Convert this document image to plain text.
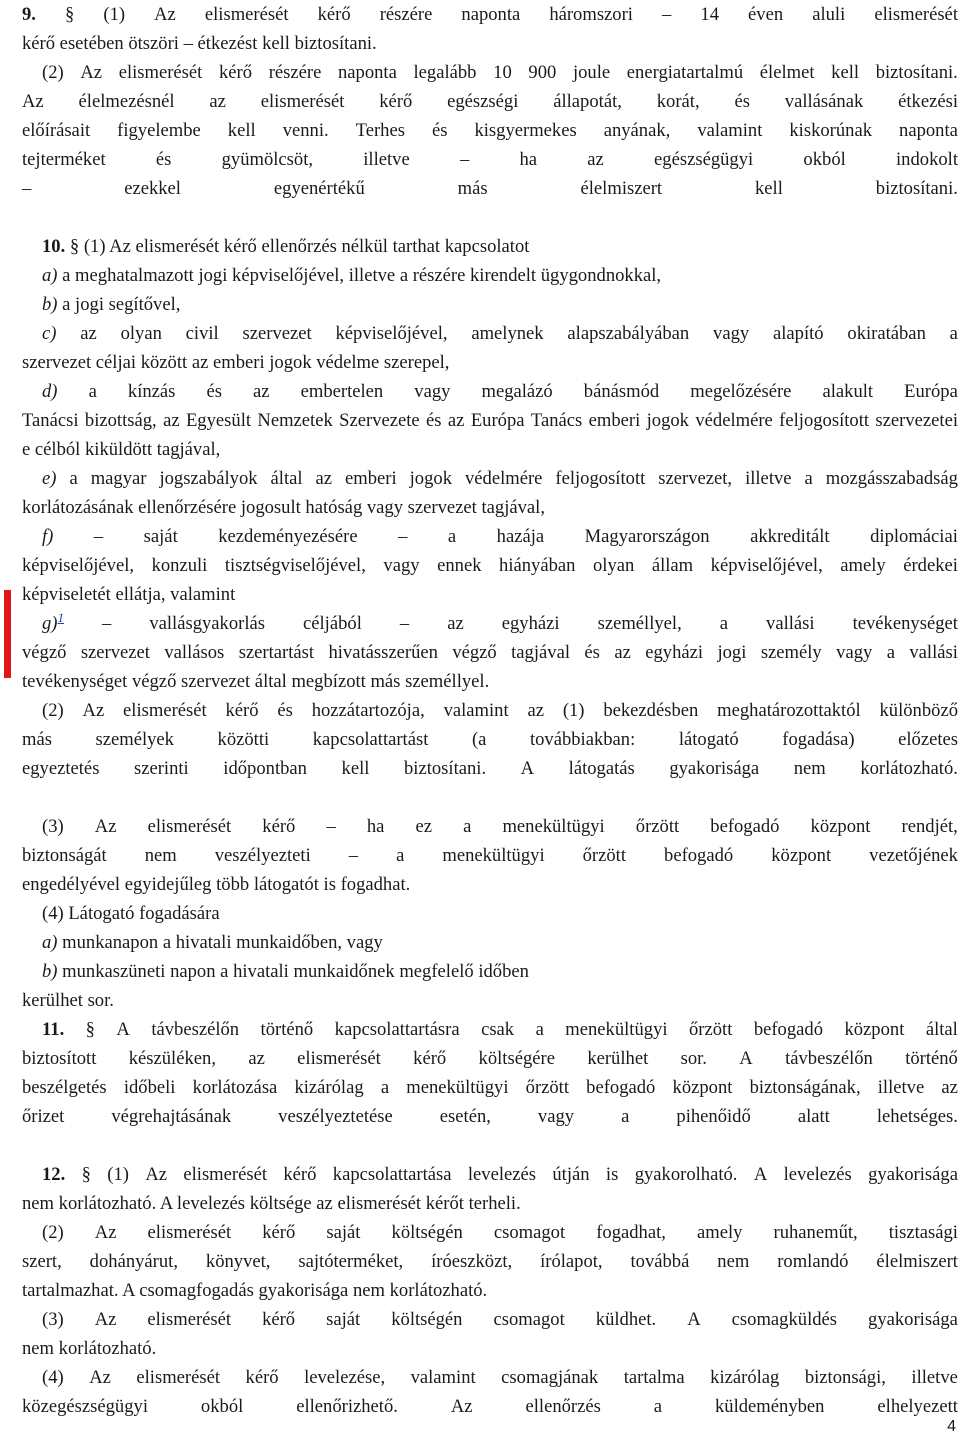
9. § (1) Az elismerését kérő részére naponta háromszori – 14 éven aluli elismerését
kérő esetében ötszöri – étkezést kell biztosítani.
(2) Az elismerését kérő részére naponta legalább 10 900 joule energiatartalmú élelmet kell biztosítani.
Az élelmezésnél az elismerését kérő egészségi állapotát, korát, és vallásának étkezési
előírásait figyelembe kell venni. Terhes és kisgyermekes anyának, valamint kiskorúnak naponta
tejterméket	és	gyümölcsöt,	illetve	–	ha	az	egészségügyi	okból	indokolt
–	ezekkel	egyenértékű	más	élelmiszert	kell	biztosítani.
10. § (1) Az elismerését kérő ellenőrzés nélkül tarthat kapcsolatot
a) a meghatalmazott jogi képviselőjével, illetve a részére kirendelt ügygondnokkal,
b) a jogi segítővel,
c) az olyan civil szervezet képviselőjével, amelynek alapszabályában vagy alapító okiratában a
szervezet céljai között az emberi jogok védelme szerepel,
d) a kínzás és az embertelen vagy megalázó bánásmód megelőzésére alakult Európa
Tanácsi bizottság, az Egyesült Nemzetek Szervezete és az Európa Tanács emberi jogok védelmére feljogosított szervezetei
e célból kiküldött tagjával,
e) a magyar jogszabályok által az emberi jogok védelmére feljogosított szervezet, illetve a mozgásszabadság
korlátozásának ellenőrzésére jogosult hatóság vagy szervezet tagjával,
f) – saját kezdeményezésére – a hazája Magyarországon akkreditált diplomáciai
képviselőjével, konzuli tisztségviselőjével, vagy ennek hiányában olyan állam képviselőjével, amely érdekei
képviseletét ellátja, valamint
g)$^1$ – vallásgyakorlás céljából – az egyházi személlyel, a vallási tevékenységet
végző szervezet vallásos szertartást hivatásszerűen végző tagjával és az egyházi jogi személy vagy a vallási
tevékenységet végző szervezet által megbízott más személlyel.
(2) Az elismerését kérő és hozzátartozója, valamint az (1) bekezdésben meghatározottaktól különböző
más személyek közötti kapcsolattartást (a továbbiakban: látogató fogadása) előzetes
egyeztetés szerinti időpontban kell biztosítani. A látogatás gyakorisága nem korlátozható.
(3) Az elismerését kérő – ha ez a menekültügyi őrzött befogadó központ rendjét,
biztonságát nem veszélyezteti – a menekültügyi őrzött befogadó központ vezetőjének
engedélyével egyidejűleg több látogatót is fogadhat.
(4) Látogató fogadására
a) munkanapon a hivatali munkaidőben, vagy
b) munkaszüneti napon a hivatali munkaidőnek megfelelő időben
kerülhet sor.
11. § A távbeszélőn történő kapcsolattartásra csak a menekültügyi őrzött befogadó központ által
biztosított készüléken, az elismerését kérő költségére kerülhet sor. A távbeszélőn történő
beszélgetés időbeli korlátozása kizárólag a menekültügyi őrzött befogadó központ biztonságának, illetve az
őrizet	végrehajtásának	veszélyeztetése	esetén,	vagy	a	pihenőidő	alatt	lehetséges.
12. § (1) Az elismerését kérő kapcsolattartása levelezés útján is gyakorolható. A levelezés gyakorisága
nem korlátozható. A levelezés költsége az elismerését kérőt terheli.
(2) Az elismerését kérő saját költségén csomagot fogadhat, amely ruhaneműt, tisztasági
szert, dohányárut, könyvet, sajtóterméket, íróeszközt, írólapot, továbbá nem romlandó élelmiszert
tartalmazhat. A csomagfogadás gyakorisága nem korlátozható.
(3) Az elismerését kérő saját költségén csomagot küldhet. A csomagküldés gyakorisága
nem korlátozható.
(4) Az elismerését kérő levelezése, valamint csomagjának tartalma kizárólag biztonsági, illetve
közegészségügyi	okból	ellenőrizhető.	Az	ellenőrzés	a	küldeményben	elhelyezett
4
